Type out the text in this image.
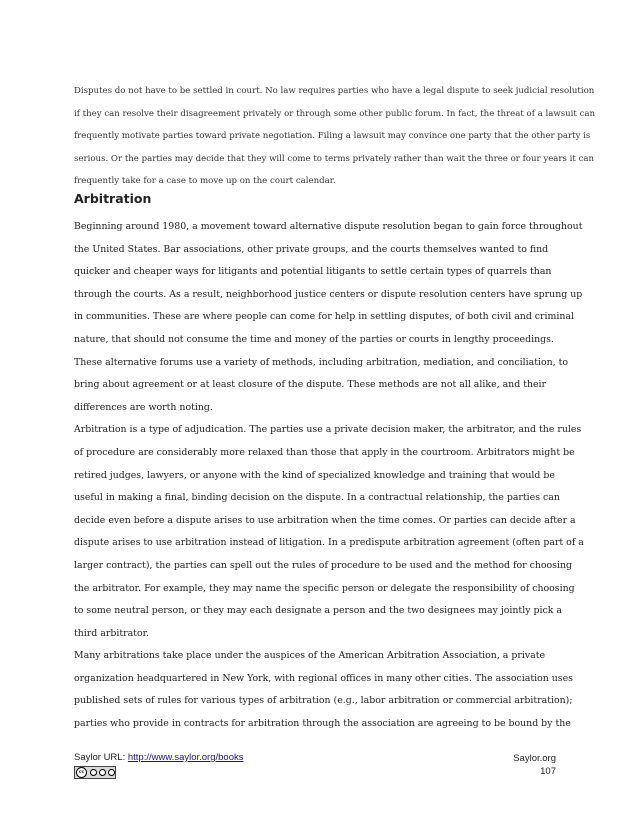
Disputes do not have to be settled in court. No law requires parties who have a legal dispute to seek judicial resolution
if they can resolve their disagreement privately or through some other public forum. In fact, the threat of a lawsuit can
frequently motivate parties toward private negotiation. Filing a lawsuit may convince one party that the other party is
serious. Or the parties may decide that they will come to terms privately rather than wait the three or four years it can
frequently take for a case to move up on the court calendar.
Arbitration
Beginning around 1980, a movement toward alternative dispute resolution began to gain force throughout
the United States. Bar associations, other private groups, and the courts themselves wanted to find
quicker and cheaper ways for litigants and potential litigants to settle certain types of quarrels than
through the courts. As a result, neighborhood justice centers or dispute resolution centers have sprung up
in communities. These are where people can come for help in settling disputes, of both civil and criminal
nature, that should not consume the time and money of the parties or courts in lengthy proceedings.
These alternative forums use a variety of methods, including arbitration, mediation, and conciliation, to
bring about agreement or at least closure of the dispute. These methods are not all alike, and their
differences are worth noting.
Arbitration is a type of adjudication. The parties use a private decision maker, the arbitrator, and the rules
of procedure are considerably more relaxed than those that apply in the courtroom. Arbitrators might be
retired judges, lawyers, or anyone with the kind of specialized knowledge and training that would be
useful in making a final, binding decision on the dispute. In a contractual relationship, the parties can
decide even before a dispute arises to use arbitration when the time comes. Or parties can decide after a
dispute arises to use arbitration instead of litigation. In a predispute arbitration agreement (often part of a
larger contract), the parties can spell out the rules of procedure to be used and the method for choosing
the arbitrator. For example, they may name the specific person or delegate the responsibility of choosing
to some neutral person, or they may each designate a person and the two designees may jointly pick a
third arbitrator.
Many arbitrations take place under the auspices of the American Arbitration Association, a private
organization headquartered in New York, with regional offices in many other cities. The association uses
published sets of rules for various types of arbitration (e.g., labor arbitration or commercial arbitration);
parties who provide in contracts for arbitration through the association are agreeing to be bound by the
Saylor URL: http://www.saylor.org/books
cc
Saylor.org
107
